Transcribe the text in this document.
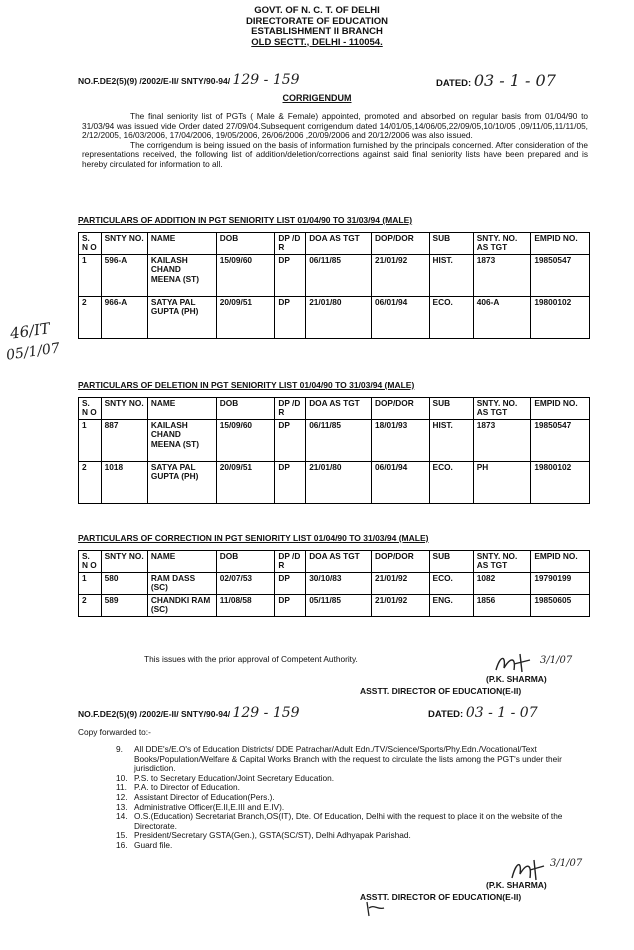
GOVT. OF N. C. T. OF DELHI
DIRECTORATE OF EDUCATION
ESTABLISHMENT II BRANCH
OLD SECTT., DELHI - 110054.
NO.F.DE2(5)(9) /2002/E-II/ SNTY/90-94/ 129 - 159	DATED: 03 - 1 - 07
CORRIGENDUM

The final seniority list of PGTs ( Male & Female) appointed, promoted and absorbed on regular basis from 01/04/90 to 31/03/94 was issued vide Order dated 27/09/04.Subsequent corrigendum dated 14/01/05,14/06/05,22/09/05,10/10/05 ,09/11/05,11/11/05, 2/12/2005, 16/03/2006, 17/04/2006, 19/05/2006, 26/06/2006 ,20/09/2006 and 20/12/2006 was also issued.

The corrigendum is being issued on the basis of information furnished by the principals concerned. After consideration of the representations received, the following list of addition/deletion/corrections against said final seniority lists have been prepared and is hereby circulated for information to all.

PARTICULARS OF ADDITION IN PGT SENIORITY LIST 01/04/90 TO 31/03/94 (MALE)
S. N O	SNTY NO.	NAME	DOB	DP /D R	DOA AS TGT	DOP/DOR	SUB	SNTY. NO. AS TGT	EMPID NO.
1	596-A	KAILASH CHAND MEENA (ST)	15/09/60	DP	06/11/85	21/01/92	HIST.	1873	19850547
2	966-A	SATYA PAL GUPTA (PH)	20/09/51	DP	21/01/80	06/01/94	ECO.	406-A	19800102
PARTICULARS OF DELETION IN PGT SENIORITY LIST 01/04/90 TO 31/03/94 (MALE)
S. N O	SNTY NO.	NAME	DOB	DP /D R	DOA AS TGT	DOP/DOR	SUB	SNTY. NO. AS TGT	EMPID NO.
1	887	KAILASH CHAND MEENA (ST)	15/09/60	DP	06/11/85	18/01/93	HIST.	1873	19850547
2	1018	SATYA PAL GUPTA (PH)	20/09/51	DP	21/01/80	06/01/94	ECO.	PH	19800102
PARTICULARS OF CORRECTION IN PGT SENIORITY LIST 01/04/90 TO 31/03/94 (MALE)
S. N O	SNTY NO.	NAME	DOB	DP /D R	DOA AS TGT	DOP/DOR	SUB	SNTY. NO. AS TGT	EMPID NO.
1	580	RAM DASS (SC)	02/07/53	DP	30/10/83	21/01/92	ECO.	1082	19790199
2	589	CHANDKI RAM (SC)	11/08/58	DP	05/11/85	21/01/92	ENG.	1856	19850605
This issues with the prior approval of Competent Authority.	3/1/07
(P.K. SHARMA)
ASSTT. DIRECTOR OF EDUCATION(E-II)
NO.F.DE2(5)(9) /2002/E-II/ SNTY/90-94/ 129 - 159	DATED: 03 - 1 - 07
Copy forwarded to:-
9. All DDE's/E.O's of Education Districts/ DDE Patrachar/Adult Edn./TV/Science/Sports/Phy.Edn./Vocational/Text Books/Population/Welfare & Capital Works Branch with the request to circulate the lists among the PGT's under their jurisdiction.
10. P.S. to Secretary Education/Joint Secretary Education.
11. P.A. to Director of Education.
12. Assistant Director of Education(Pers.).
13. Administrative Officer(E.II,E.III and E.IV).
14. O.S.(Education) Secretariat Branch,OS(IT), Dte. Of Education, Delhi with the request to place it on the website of the Directorate.
15. President/Secretary GSTA(Gen.), GSTA(SC/ST), Delhi Adhyapak Parishad.
16. Guard file.
3/1/07
(P.K. SHARMA)
ASSTT. DIRECTOR OF EDUCATION(E-II)
46/IT
05/1/07
